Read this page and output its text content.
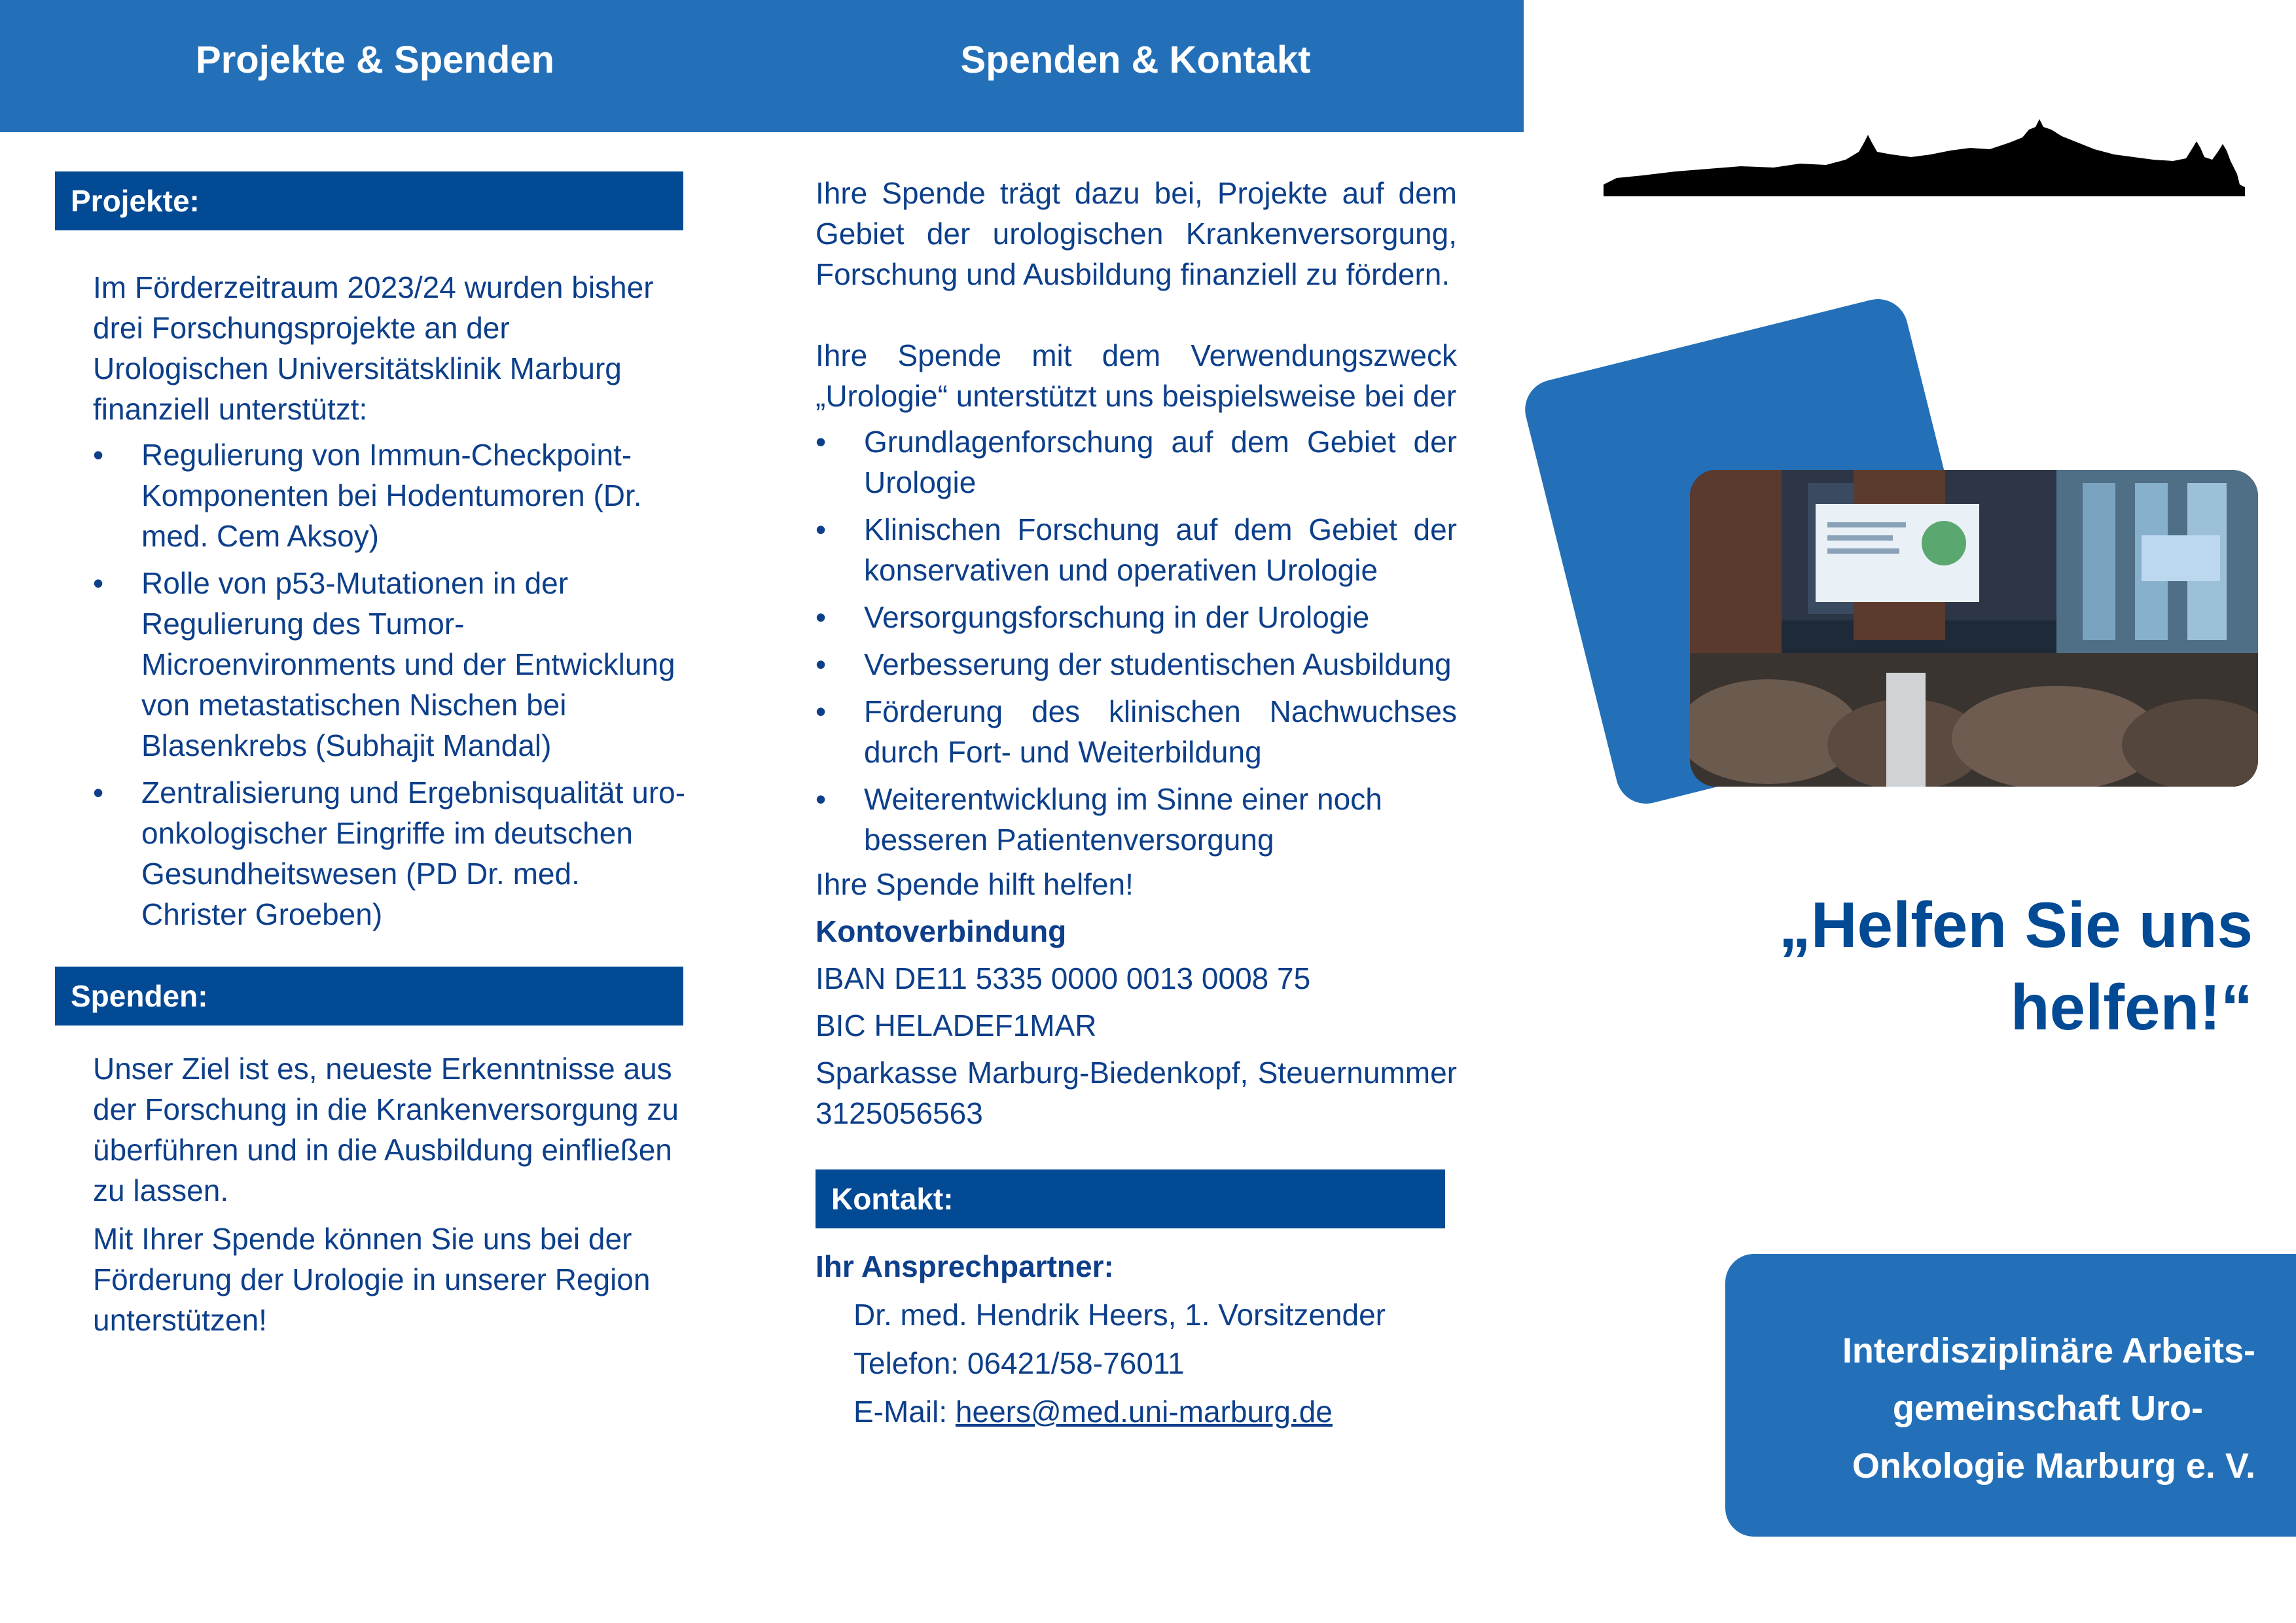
Projekte & Spenden	Spenden & Kontakt
Projekte:

Im Förderzeitraum 2023/24 wurden bisher drei Forschungsprojekte an der Urologischen Universitätsklinik Marburg finanziell unterstützt:

• Regulierung von Immun-Checkpoint-Komponenten bei Hodentumoren (Dr. med. Cem Aksoy)
• Rolle von p53-Mutationen in der Regulierung des Tumor-Microenvironments und der Entwicklung von metastatischen Nischen bei Blasenkrebs (Subhajit Mandal)
• Zentralisierung und Ergebnisqualität uro-onkologischer Eingriffe im deutschen Gesundheitswesen (PD Dr. med. Christer Groeben)
Spenden:

Unser Ziel ist es, neueste Erkenntnisse aus der Forschung in die Krankenversorgung zu überführen und in die Ausbildung einfließen zu lassen.

Mit Ihrer Spende können Sie uns bei der Förderung der Urologie in unserer Region unterstützen!

Ihre Spende trägt dazu bei, Projekte auf dem Gebiet der urologischen Krankenversorgung, Forschung und Ausbildung finanziell zu fördern.

Ihre Spende mit dem Verwendungszweck „Urologie“ unterstützt uns beispielsweise bei der

• Grundlagenforschung auf dem Gebiet der Urologie
• Klinischen Forschung auf dem Gebiet der konservativen und operativen Urologie
• Versorgungsforschung in der Urologie
• Verbesserung der studentischen Ausbildung
• Förderung des klinischen Nachwuchses durch Fort- und Weiterbildung
• Weiterentwicklung im Sinne einer noch besseren Patientenversorgung

Ihre Spende hilft helfen!

Kontoverbindung

IBAN DE11 5335 0000 0013 0008 75

BIC HELADEF1MAR

Sparkasse Marburg-Biedenkopf, Steuernummer 3125056563

Kontakt:

Ihr Ansprechpartner:

Dr. med. Hendrik Heers, 1. Vorsitzender

Telefon: 06421/58-76011

E-Mail: heers@med.uni-marburg.de

„Helfen Sie uns
helfen!“
Interdisziplinäre Arbeits-
gemeinschaft Uro-
Onkologie Marburg e. V.
